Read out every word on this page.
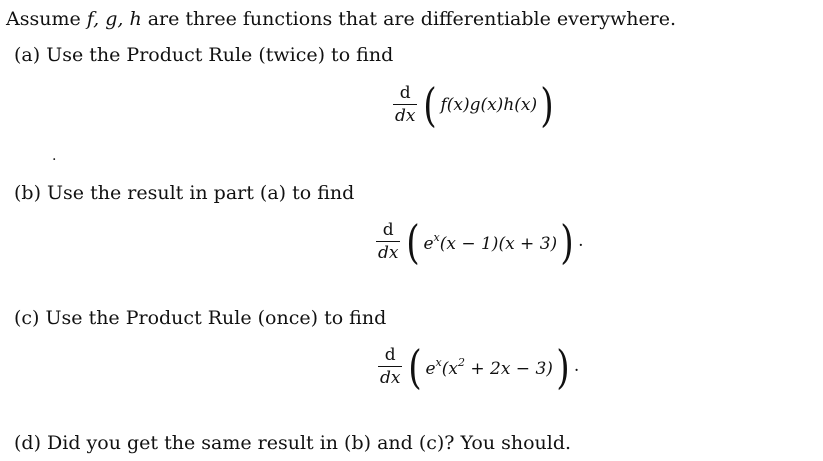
Assume f, g, h are three functions that are differentiable everywhere.
(a) Use the Product Rule (twice) to find
$\frac{d}{dx}$ ( f(x)g(x)h(x) )
.
(b) Use the result in part (a) to find
$\frac{d}{dx}$ ( $e^x(x - 1)(x + 3)$ ) .
(c) Use the Product Rule (once) to find
$\frac{d}{dx}$ ( $e^x(x^2 + 2x - 3)$ ) .
(d) Did you get the same result in (b) and (c)? You should.
